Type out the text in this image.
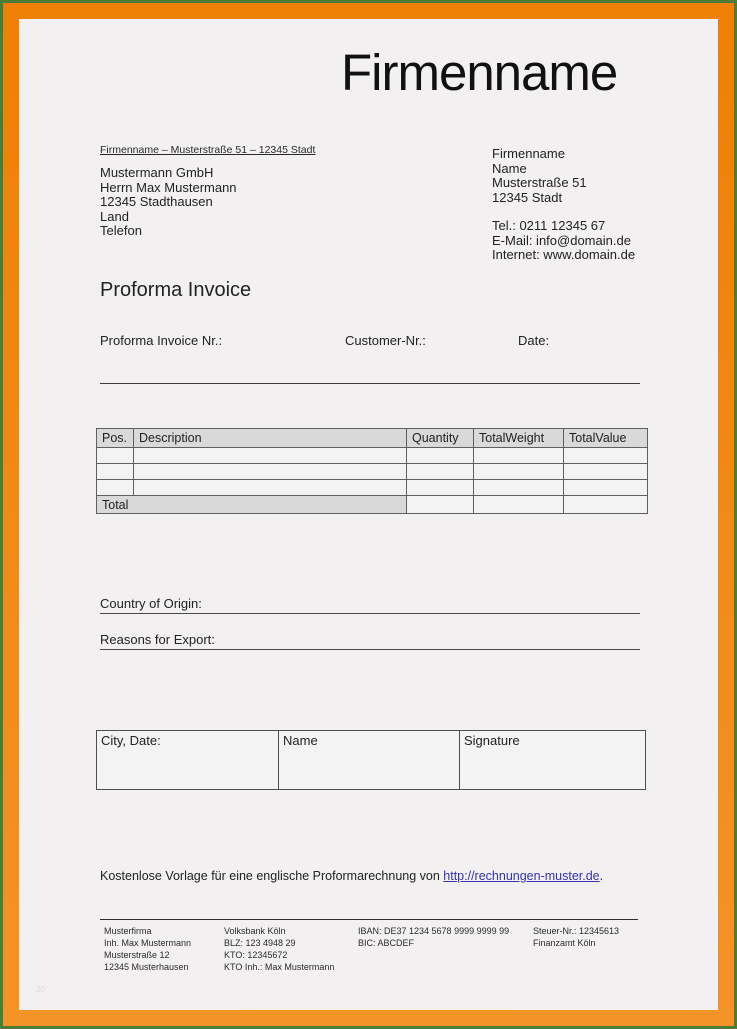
Firmenname
Firmenname – Musterstraße 51 – 12345 Stadt
Mustermann GmbH
Herrn Max Mustermann
12345 Stadthausen
Land
Telefon
Firmenname
Name
Musterstraße 51
12345 Stadt
Tel.: 0211 12345 67
E-Mail: info@domain.de
Internet: www.domain.de
Proforma Invoice
Proforma Invoice Nr.:	Customer-Nr.:	Date:
Pos.	Description	Quantity	TotalWeight	TotalValue

Total				
Country of Origin:
Reasons for Export:
City, Date:	Name	Signature
Kostenlose Vorlage für eine englische Proformarechnung von http://rechnungen-muster.de.
Musterfirma
Inh. Max Mustermann
Musterstraße 12
12345 Musterhausen
Volksbank Köln
BLZ: 123 4948 29
KTO: 12345672
KTO Inh.: Max Mustermann
IBAN: DE37 1234 5678 9999 9999 99
BIC: ABCDEF
Steuer-Nr.: 12345613
Finanzamt Köln
20
